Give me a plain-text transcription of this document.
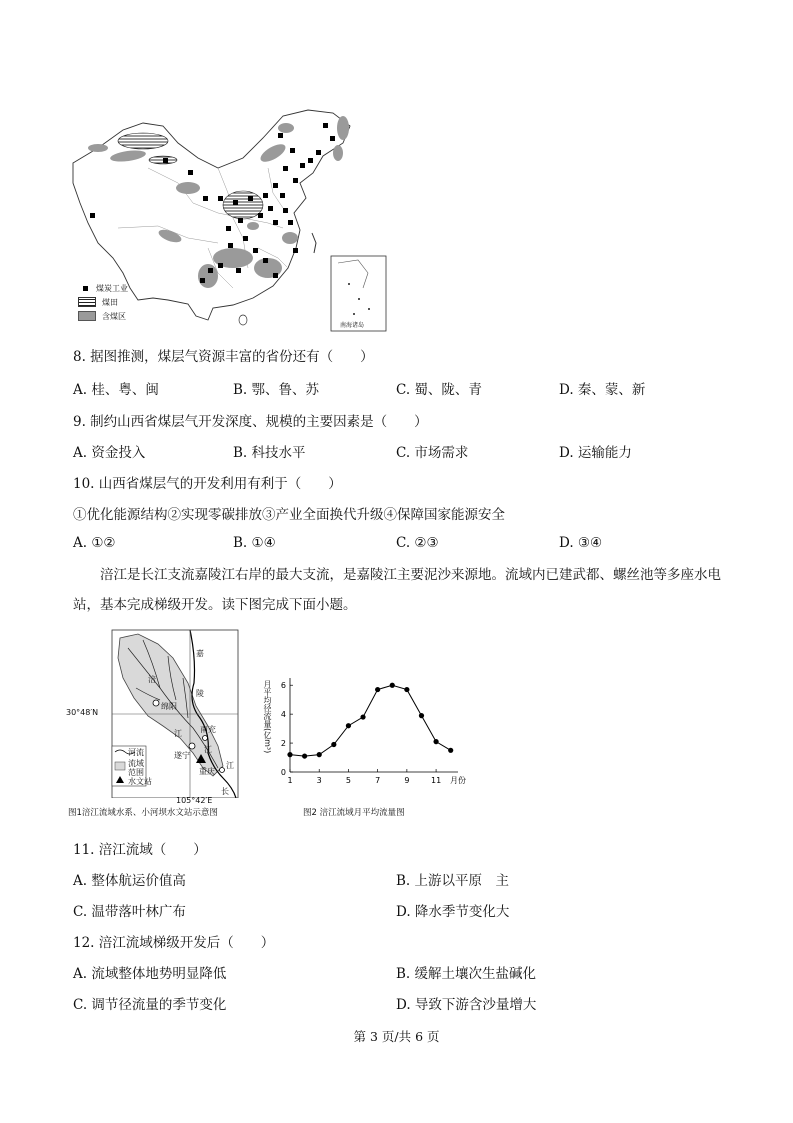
煤炭工业
煤田
含煤区
南海诸岛
8. 据图推测，煤层气资源丰富的省份还有（　　）
A. 桂、粤、闽	B. 鄂、鲁、苏	C. 蜀、陇、青	D. 秦、蒙、新
9. 制约山西省煤层气开发深度、规模的主要因素是（　　）
A. 资金投入	B. 科技水平	C. 市场需求	D. 运输能力
10. 山西省煤层气的开发利用有利于（　　）
①优化能源结构②实现零碳排放③产业全面换代升级④保障国家能源安全
A. ①②	B. ①④	C. ②③	D. ③④
涪江是长江支流嘉陵江右岸的最大支流，是嘉陵江主要泥沙来源地。流域内已建武都、螺丝池等多座水电站，基本完成梯级开发。读下图完成下面小题。
30°48′N
105°42′E
嘉
陵
涪
绵阳
江 南充
江
遂宁
重庆
江
长
河流
流域
范围
水文站
图1涪江流域水系、小河坝水文站示意图
0
2
4
6
1	3	5	7	9	11 月份
月平均径流量(亿m³)
图2 涪江流域月平均流量图
11. 涪江流域（　　）
A. 整体航运价值高	B. 上游以平原　主
C. 温带落叶林广布	D. 降水季节变化大
12. 涪江流域梯级开发后（　　）
A. 流域整体地势明显降低	B. 缓解土壤次生盐碱化
C. 调节径流量的季节变化	D. 导致下游含沙量增大
第 3 页/共 6 页
